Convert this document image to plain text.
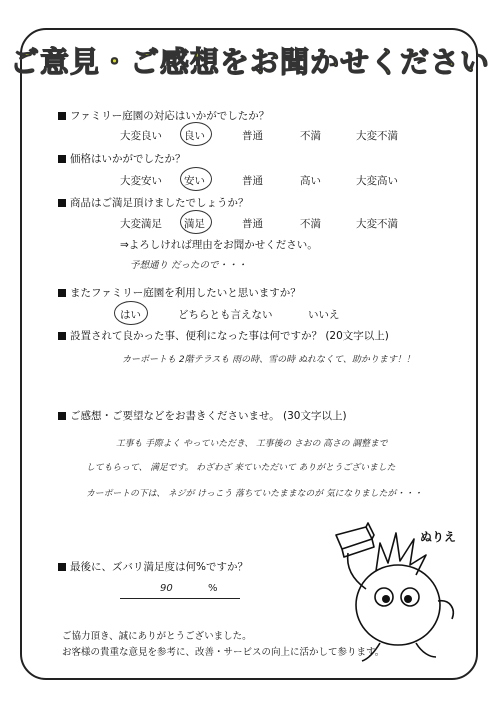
ご意見・ご感想をお聞かせください
ファミリー庭園の対応はいかがでしたか？
大変良い 良い	普通	不満	大変不満
価格はいかがでしたか？
大変安い 安い	普通	高い	大変高い
商品はご満足頂けましたでしょうか？
大変満足 満足	普通	不満	大変不満
⇒よろしければ理由をお聞かせください。
予想通り だったので・・・
またファミリー庭園を利用したいと思いますか？
はい	どちらとも言えない	いいえ
設置されて良かった事、便利になった事は何ですか？ (20文字以上)
カーポートも 2階テラスも 雨の時、雪の時 ぬれなくて、助かります！！
ご感想・ご要望などをお書きくださいませ。 (30文字以上)
工事も 手際よく やっていただき、 工事後の さおの 高さの 調整まで
してもらって、 満足です。 わざわざ 来ていただいて ありがとうございました
カーポートの下は、 ネジが けっこう 落ちていたままなのが 気になりましたが・・・
最後に、ズバリ満足度は何%ですか？
90	%
ご協力頂き、誠にありがとうございました。
お客様の貴重な意見を参考に、改善・サービスの向上に活かして参ります。
ぬりえ
